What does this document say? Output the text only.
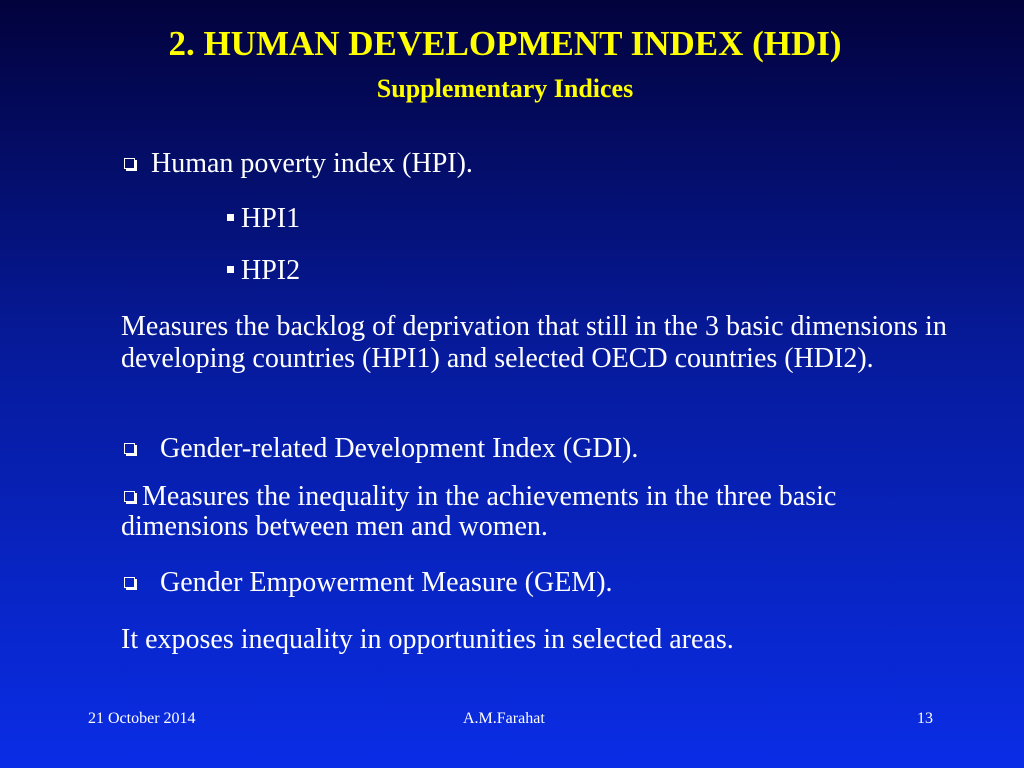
2. HUMAN DEVELOPMENT INDEX (HDI)
Supplementary Indices
Human poverty index (HPI).
HPI1
HPI2
Measures the backlog of deprivation that still in the 3 basic dimensions in developing countries (HPI1) and selected OECD countries (HDI2).
Gender-related Development Index (GDI).
Measures the inequality in the achievements in the three basic dimensions between men and women.
Gender Empowerment Measure (GEM).
It exposes inequality in opportunities in selected areas.
21 October 2014	A.M.Farahat	13
